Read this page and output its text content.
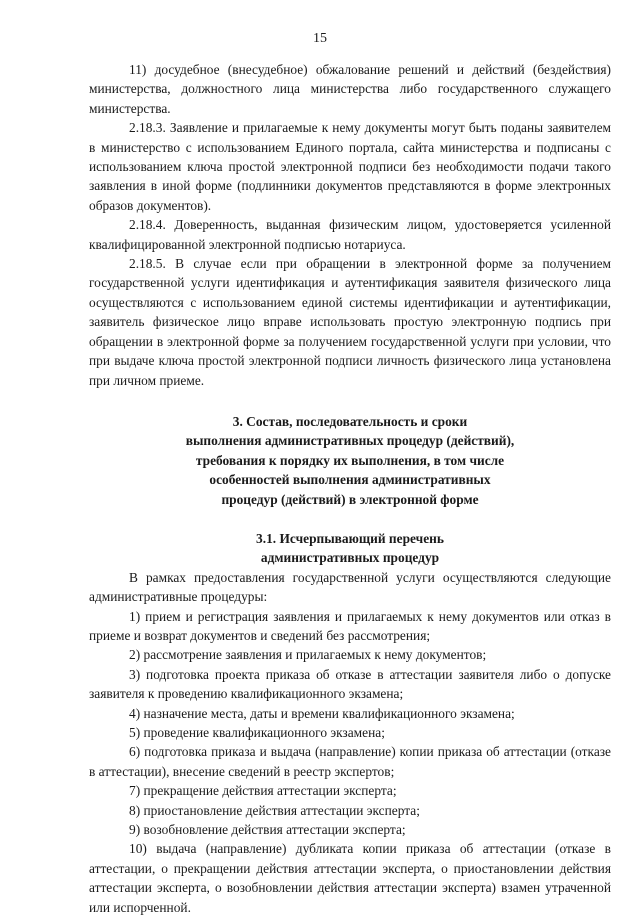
15

11) досудебное (внесудебное) обжалование решений и действий (бездействия) министерства, должностного лица министерства либо государственного служащего министерства.

2.18.3. Заявление и прилагаемые к нему документы могут быть поданы заявителем в министерство с использованием Единого портала, сайта министерства и подписаны с использованием ключа простой электронной подписи без необходимости подачи такого заявления в иной форме (подлинники документов представляются в форме электронных образов документов).

2.18.4. Доверенность, выданная физическим лицом, удостоверяется усиленной квалифицированной электронной подписью нотариуса.

2.18.5. В случае если при обращении в электронной форме за получением государственной услуги идентификация и аутентификация заявителя физического лица осуществляются с использованием единой системы идентификации и аутентификации, заявитель физическое лицо вправе использовать простую электронную подпись при обращении в электронной форме за получением государственной услуги при условии, что при выдаче ключа простой электронной подписи личность физического лица установлена при личном приеме.

3. Состав, последовательность и сроки
выполнения административных процедур (действий),
требования к порядку их выполнения, в том числе
особенностей выполнения административных
процедур (действий) в электронной форме
3.1. Исчерпывающий перечень
административных процедур

В рамках предоставления государственной услуги осуществляются следующие административные процедуры:

1) прием и регистрация заявления и прилагаемых к нему документов или отказ в приеме и возврат документов и сведений без рассмотрения;

2) рассмотрение заявления и прилагаемых к нему документов;

3) подготовка проекта приказа об отказе в аттестации заявителя либо о допуске заявителя к проведению квалификационного экзамена;

4) назначение места, даты и времени квалификационного экзамена;

5) проведение квалификационного экзамена;

6) подготовка приказа и выдача (направление) копии приказа об аттестации (отказе в аттестации), внесение сведений в реестр экспертов;

7) прекращение действия аттестации эксперта;

8) приостановление действия аттестации эксперта;

9) возобновление действия аттестации эксперта;

10) выдача (направление) дубликата копии приказа об аттестации (отказе в аттестации, о прекращении действия аттестации эксперта, о приостановлении действия аттестации эксперта, о возобновлении действия аттестации эксперта) взамен утраченной или испорченной.
